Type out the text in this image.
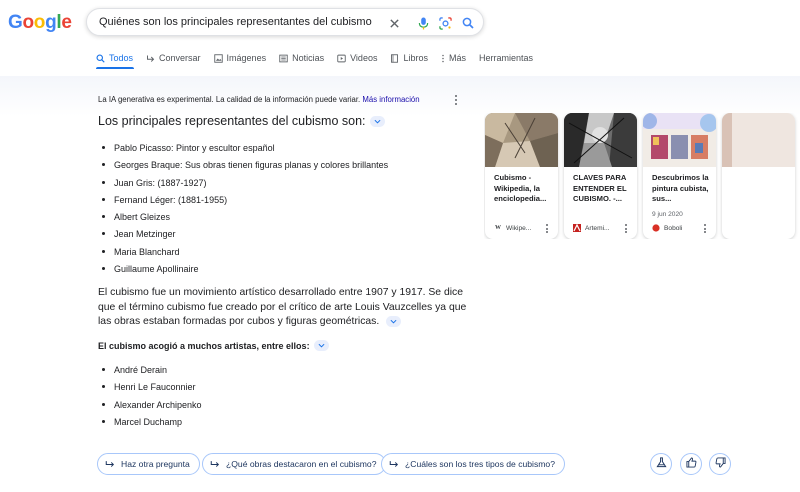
Google Quiénes son los principales representantes del cubismo
Todos	Conversar	Imágenes	Noticias	Videos	Libros Más Herramientas
La IA generativa es experimental. La calidad de la información puede variar. Más información
Los principales representantes del cubismo son:
Pablo Picasso: Pintor y escultor español
Georges Braque: Sus obras tienen figuras planas y colores brillantes
Juan Gris: (1887-1927)
Fernand Léger: (1881-1955)
Albert Gleizes
Jean Metzinger
Maria Blanchard
Guillaume Apollinaire
El cubismo fue un movimiento artístico desarrollado entre 1907 y 1917. Se dice que el término cubismo fue creado por el crítico de arte Louis Vauzcelles ya que las obras estaban formadas por cubos y figuras geométricas.
El cubismo acogió a muchos artistas, entre ellos:
André Derain
Henri Le Fauconnier
Alexander Archipenko
Marcel Duchamp
Cubismo - Wikipedia, la enciclopedia...
W Wikipe...
CLAVES PARA ENTENDER EL CUBISMO. -...
Artemi...
Descubrimos la pintura cubista, sus...
9 jun 2020
Boboli
Haz otra pregunta	¿Qué obras destacaron en el cubismo?	¿Cuáles son los tres tipos de cubismo?
